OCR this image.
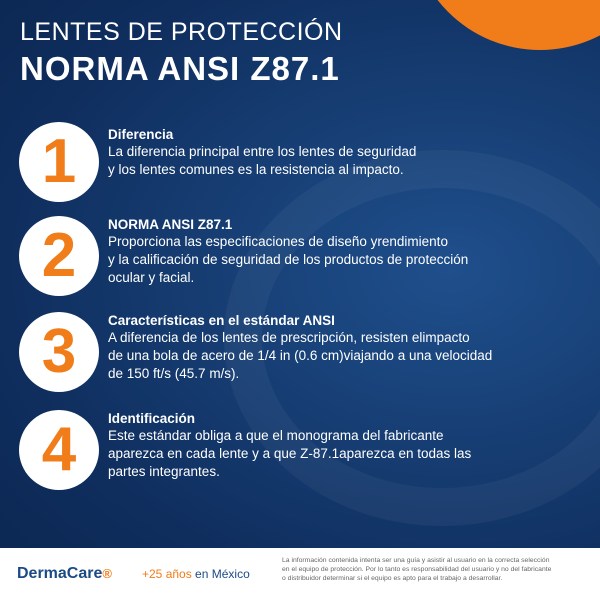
LENTES DE PROTECCIÓN
NORMA ANSI Z87.1
1 Diferencia
La diferencia principal entre los lentes de seguridad
y los lentes comunes es la resistencia al impacto.
2 NORMA ANSI Z87.1
Proporciona las especificaciones de diseño yrendimiento
y la calificación de seguridad de los productos de protección
ocular y facial.
3 Características en el estándar ANSI
A diferencia de los lentes de prescripción, resisten elimpacto
de una bola de acero de 1/4 in (0.6 cm)viajando a una velocidad
de 150 ft/s (45.7 m/s).
4 Identificación
Este estándar obliga a que el monograma del fabricante
aparezca en cada lente y a que Z-87.1aparezca en todas las
partes integrantes.
DermaCare®	+25 años en México
La información contenida intenta ser una guía y asistir al usuario en la correcta selección
en el equipo de protección. Por lo tanto es responsabilidad del usuario y no del fabricante
o distribuidor determinar si el equipo es apto para el trabajo a desarrollar.
